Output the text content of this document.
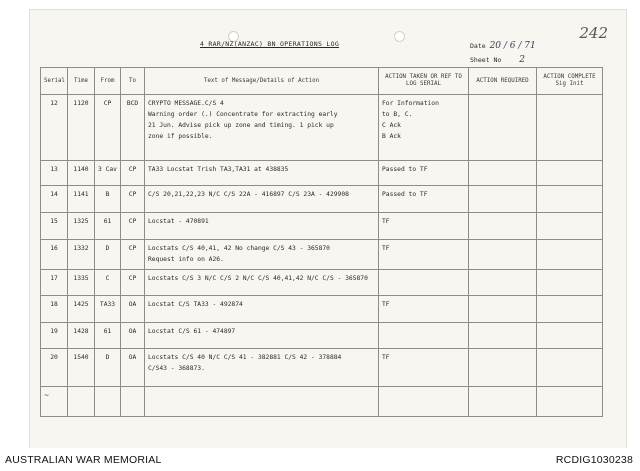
242
4 RAR/NZ(ANZAC) BN OPERATIONS LOG	Date 20 / 6 / 71
Sheet No 2
Serial	Time	From	To	Text of Message/Details of Action	ACTION TAKEN OR REF TO LOG SERIAL	ACTION REQUIRED	ACTION COMPLETE Sig Init
12	1120	CP	BCD	CRYPTO MESSAGE.C/S 4
Warning order (.) Concentrate for extracting early
21 Jun. Advise pick up zone and timing. 1 pick up
zone if possible.	For Information
to B, C.
C Ack
B Ack		

13	1140	3 Cav	CP	TA33 Locstat Trish TA3,TA31 at 438835	Passed to TF		

14	1141	B	CP	C/S 20,21,22,23 N/C C/S 22A - 416897 C/S 23A - 429908	Passed to TF		

15	1325	61	CP	Locstat - 470891	TF		

16	1332	D	CP	Locstats C/S 40,41, 42 No change C/S 43 - 365870
Request info on A26.	TF		

17	1335	C	CP	Locstats C/S 3 N/C C/S 2 N/C C/S 40,41,42 N/C C/S - 365870			

18	1425	TA33	OA	Locstat C/S TA33 - 492874	TF		

19	1428	61	OA	Locstat C/S 61 - 474897			

20	1540	D	OA	Locstats C/S 40 N/C C/S 41 - 382881 C/S 42 - 378884
C/S43 - 368873.	TF		

~							
AUSTRALIAN WAR MEMORIAL	RCDIG1030238
